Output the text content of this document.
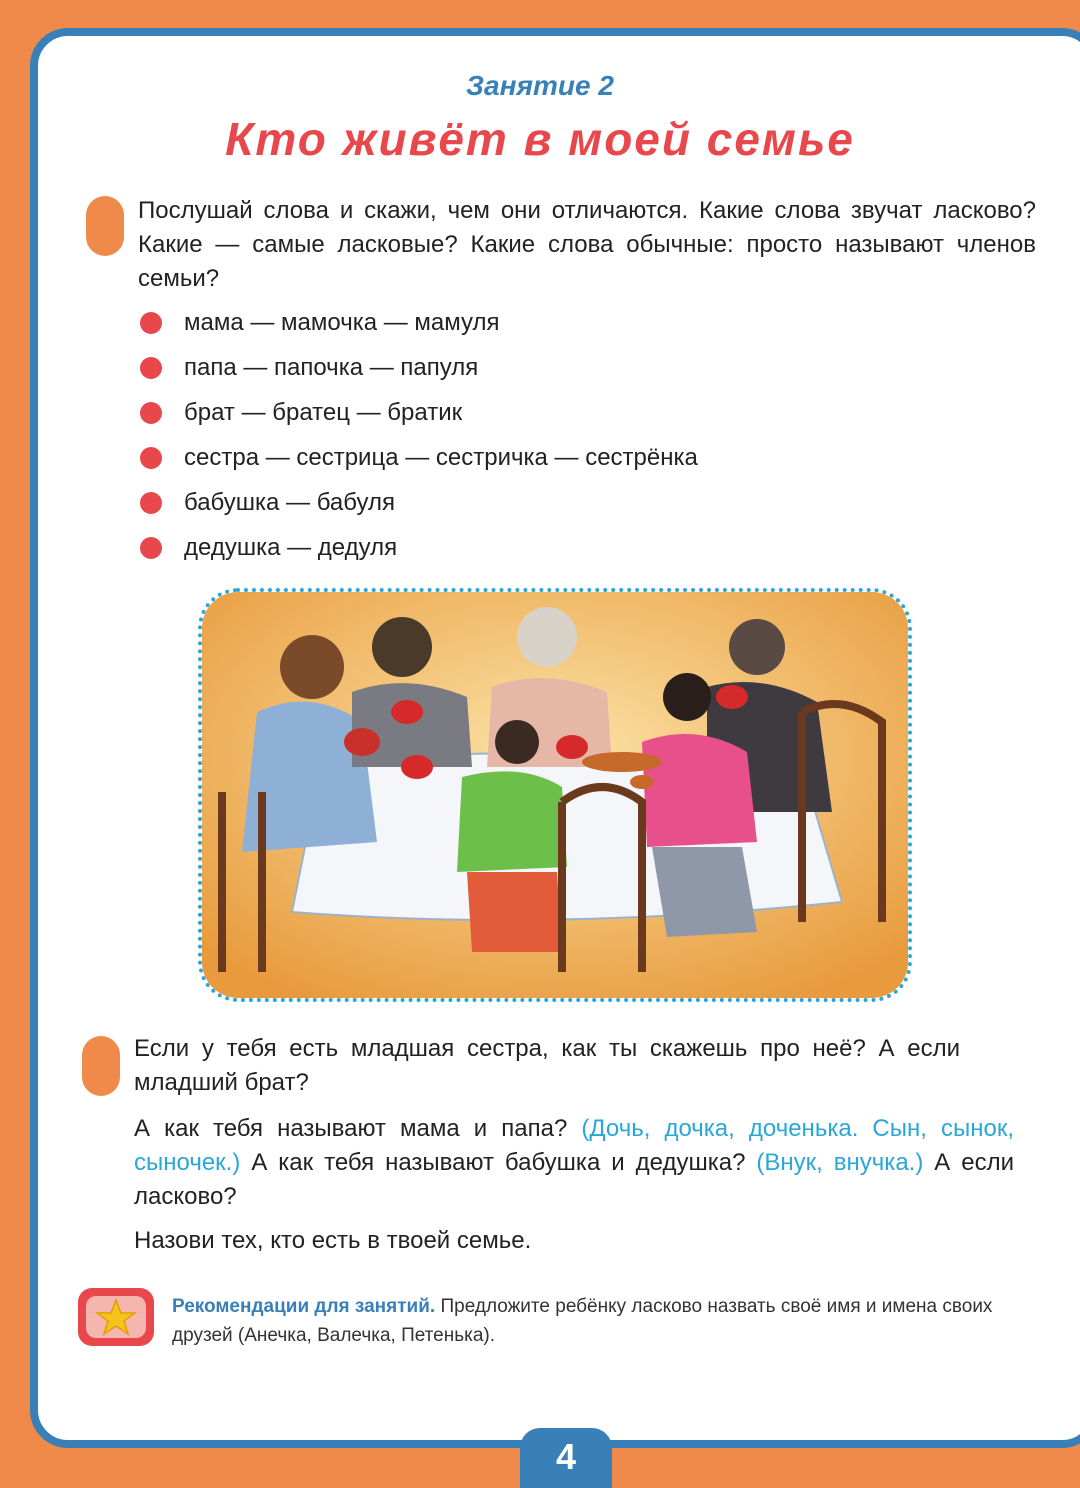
Занятие 2
Кто живёт в моей семье
Послушай слова и скажи, чем они отличаются. Какие слова звучат ласково? Какие — самые ласковые? Какие слова обычные: просто называют членов семьи?
мама — мамочка — мамуля
папа — папочка — папуля
брат — братец — братик
сестра — сестрица — сестричка — сестрёнка
бабушка — бабуля
дедушка — дедуля
Если у тебя есть младшая сестра, как ты скажешь про неё? А если младший брат?
А как тебя называют мама и папа? (Дочь, дочка, доченька. Сын, сынок, сыночек.) А как тебя называют бабушка и дедушка? (Внук, внучка.) А если ласково?
Назови тех, кто есть в твоей семье.
Рекомендации для занятий. Предложите ребёнку ласково назвать своё имя и имена своих друзей (Анечка, Валечка, Петенька).
4
